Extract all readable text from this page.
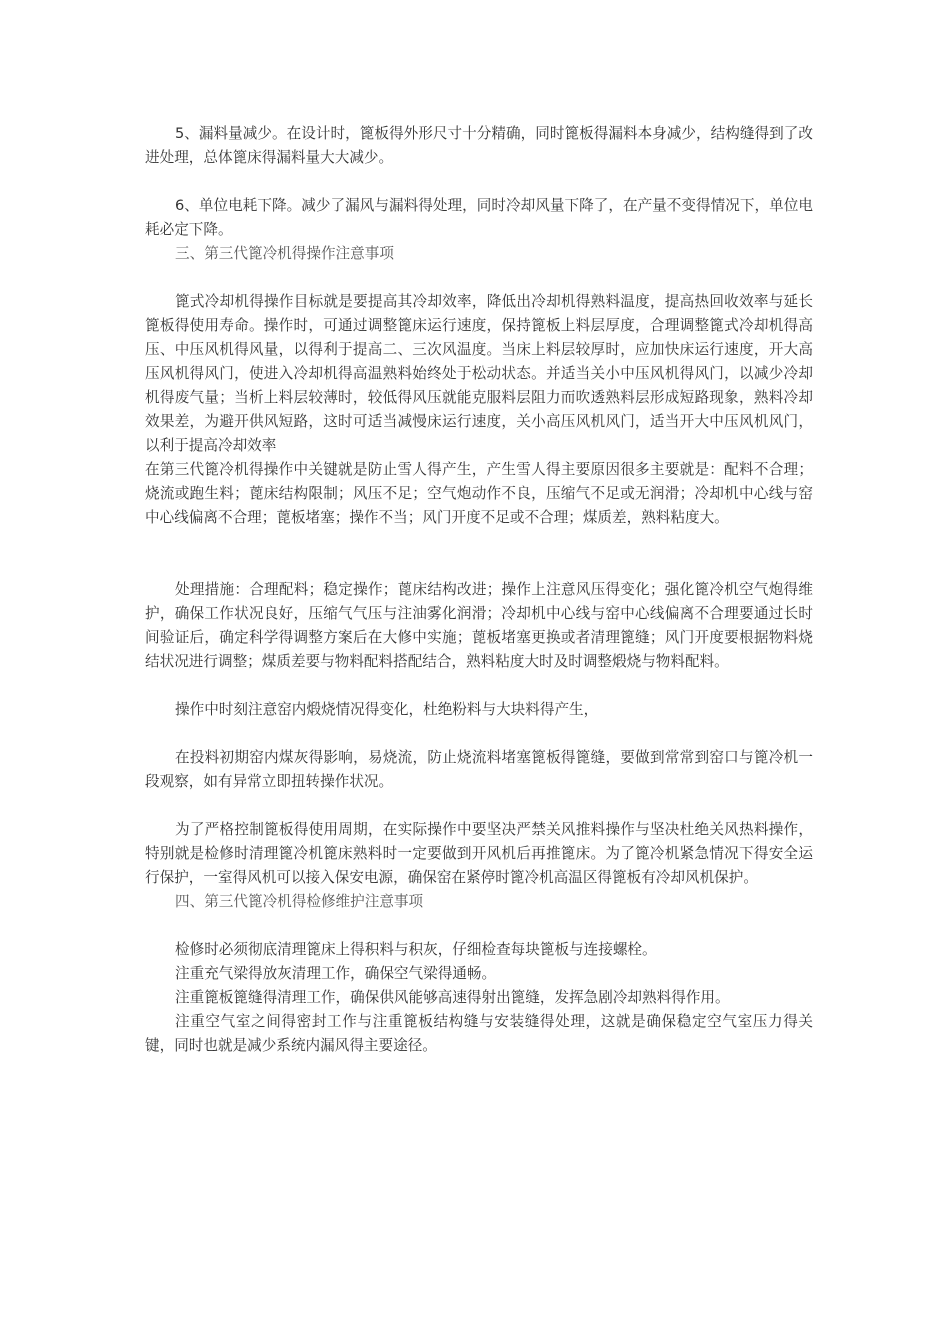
5、漏料量减少。在设计时，篦板得外形尺寸十分精确，同时篦板得漏料本身减少，结构缝得到了改进处理，总体篦床得漏料量大大减少。

6、单位电耗下降。减少了漏风与漏料得处理，同时冷却风量下降了，在产量不变得情况下，单位电耗必定下降。

三、第三代篦冷机得操作注意事项

篦式冷却机得操作目标就是要提高其冷却效率，降低出冷却机得熟料温度，提高热回收效率与延长篦板得使用寿命。操作时，可通过调整篦床运行速度，保持篦板上料层厚度，合理调整篦式冷却机得高压、中压风机得风量，以得利于提高二、三次风温度。当床上料层较厚时，应加快床运行速度，开大高压风机得风门，使进入冷却机得高温熟料始终处于松动状态。并适当关小中压风机得风门，以减少冷却机得废气量；当析上料层较薄时，较低得风压就能克服料层阻力而吹透熟料层形成短路现象，熟料冷却效果差，为避开供风短路，这时可适当减慢床运行速度，关小高压风机风门，适当开大中压风机风门，以利于提高冷却效率

在第三代篦冷机得操作中关键就是防止雪人得产生，产生雪人得主要原因很多主要就是：配料不合理；烧流或跑生料；蓖床结构限制；风压不足；空气炮动作不良，压缩气不足或无润滑；冷却机中心线与窑中心线偏离不合理；蓖板堵塞；操作不当；风门开度不足或不合理；煤质差，熟料粘度大。

处理措施：合理配料；稳定操作；蓖床结构改进；操作上注意风压得变化；强化篦冷机空气炮得维护，确保工作状况良好，压缩气气压与注油雾化润滑；冷却机中心线与窑中心线偏离不合理要通过长时间验证后，确定科学得调整方案后在大修中实施；蓖板堵塞更换或者清理篦缝；风门开度要根据物料烧结状况进行调整；煤质差要与物料配料搭配结合，熟料粘度大时及时调整煅烧与物料配料。

操作中时刻注意窑内煅烧情况得变化，杜绝粉料与大块料得产生，

在投料初期窑内煤灰得影响，易烧流，防止烧流料堵塞篦板得篦缝，要做到常常到窑口与篦冷机一段观察，如有异常立即扭转操作状况。

为了严格控制篦板得使用周期，在实际操作中要坚决严禁关风推料操作与坚决杜绝关风热料操作，特别就是检修时清理篦冷机篦床熟料时一定要做到开风机后再推篦床。为了篦冷机紧急情况下得安全运行保护，一室得风机可以接入保安电源，确保窑在紧停时篦冷机高温区得篦板有冷却风机保护。

四、第三代篦冷机得检修维护注意事项

检修时必须彻底清理篦床上得积料与积灰，仔细检查每块篦板与连接螺栓。

注重充气梁得放灰清理工作，确保空气梁得通畅。

注重篦板篦缝得清理工作，确保供风能够高速得射出篦缝，发挥急剧冷却熟料得作用。

注重空气室之间得密封工作与注重篦板结构缝与安装缝得处理，这就是确保稳定空气室压力得关键，同时也就是减少系统内漏风得主要途径。
